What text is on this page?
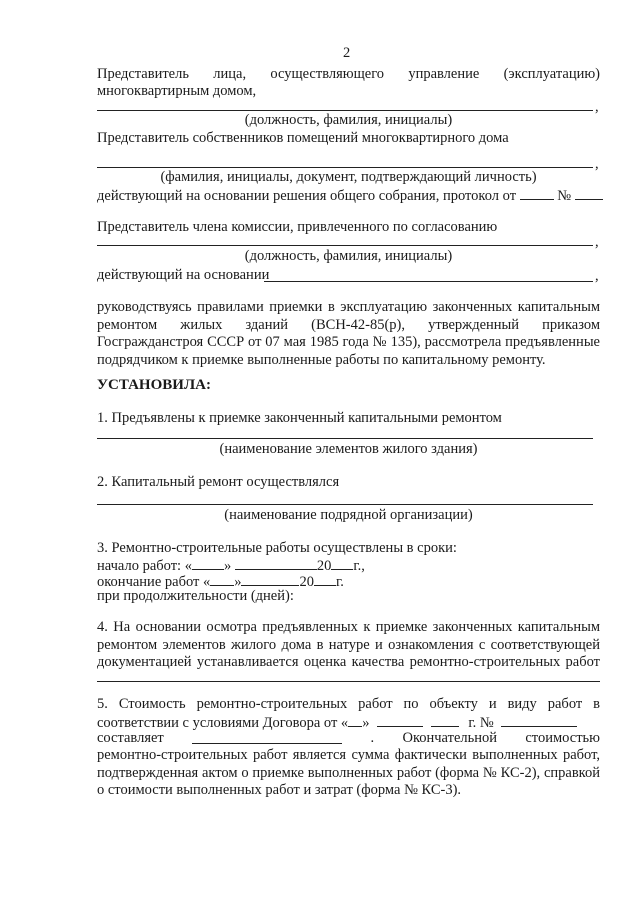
2
Представитель лица, осуществляющего управление (эксплуатацию)
многоквартирным домом,
,
(должность, фамилия, инициалы)
Представитель собственников помещений многоквартирного дома
,
(фамилия, инициалы, документ, подтверждающий личность)
действующий на основании решения общего собрания, протокол от	№
Представитель члена комиссии, привлеченного по согласованию
,
(должность, фамилия, инициалы)
действующий на основании	,
руководствуясь правилами приемки в эксплуатацию законченных капитальным ремонтом жилых зданий (ВСН-42-85(р), утвержденный приказом Госгражданстроя СССР от 07 мая 1985 года № 135), рассмотрела предъявленные подрядчиком к приемке выполненные работы по капитальному ремонту.
УСТАНОВИЛА:
1. Предъявлены к приемке законченный капитальными ремонтом
(наименование элементов жилого здания)
2. Капитальный ремонт осуществлялся
(наименование подрядной организации)
3. Ремонтно-строительные работы осуществлены в сроки:
начало работ: « »	20 г.,
окончание работ « »	20 г.
при продолжительности (дней):
4. На основании осмотра предъявленных к приемке законченных капитальным ремонтом элементов жилого дома в натуре и ознакомления с соответствующей документацией устанавливается оценка качества ремонтно-строительных работ
5. Стоимость ремонтно-строительных работ по объекту и виду работ в
соответствии с условиями Договора от « »	г. №
составляет	. Окончательной стоимостью
ремонтно-строительных работ является сумма фактически выполненных работ, подтвержденная актом о приемке выполненных работ (форма № КС-2), справкой о стоимости выполненных работ и затрат (форма № КС-3).
